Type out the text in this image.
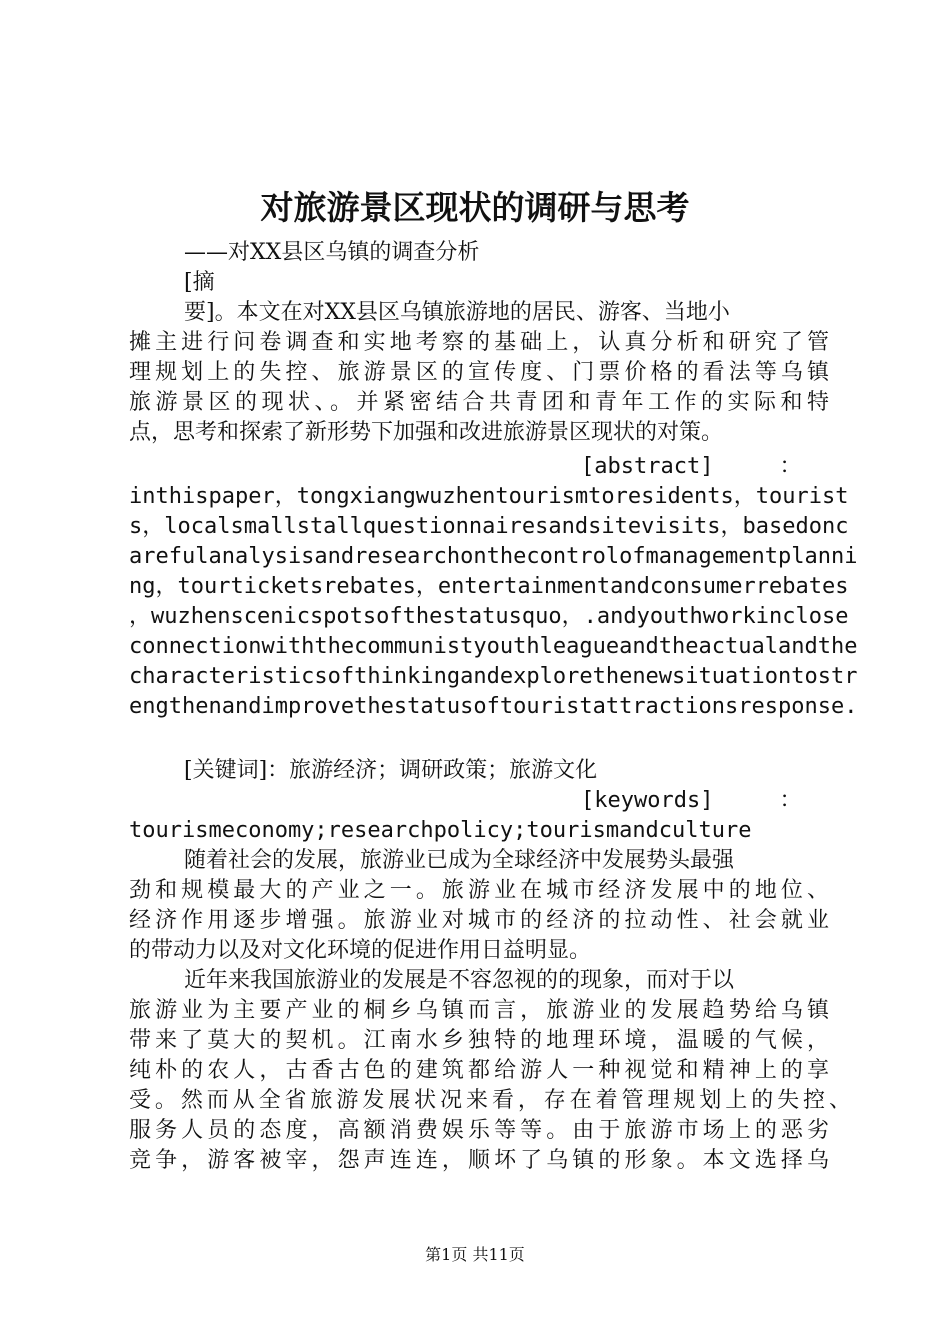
对旅游景区现状的调研与思考

——对XX县区乌镇的调查分析

[摘

要]。本文在对XX县区乌镇旅游地的居民、游客、当地小

摊主进行问卷调查和实地考察的基础上，认真分析和研究了管

理规划上的失控、旅游景区的宣传度、门票价格的看法等乌镇

旅游景区的现状、。并紧密结合共青团和青年工作的实际和特

点，思考和探索了新形势下加强和改进旅游景区现状的对策。

[abstract]　　　：

inthispaper，tongxiangwuzhentourismtoresidents，tourist

s，localsmallstallquestionnairesandsitevisits，basedonc

arefulanalysisandresearchonthecontrolofmanagementplanni

ng，tourticketsrebates，entertainmentandconsumerrebates

，wuzhenscenicspotsofthestatusquo，.andyouthworkinclose

connectionwiththecommunistyouthleagueandtheactualandthe

characteristicsofthinkingandexplorethenewsituationtostr

engthenandimprovethestatusoftouristattractionsresponse.

[关键词]：旅游经济；调研政策；旅游文化

[keywords]　　　：

tourismeconomy;researchpolicy;tourismandculture

随着社会的发展，旅游业已成为全球经济中发展势头最强

劲和规模最大的产业之一。旅游业在城市经济发展中的地位、

经济作用逐步增强。旅游业对城市的经济的拉动性、社会就业

的带动力以及对文化环境的促进作用日益明显。

近年来我国旅游业的发展是不容忽视的的现象，而对于以

旅游业为主要产业的桐乡乌镇而言，旅游业的发展趋势给乌镇

带来了莫大的契机。江南水乡独特的地理环境，温暖的气候，

纯朴的农人，古香古色的建筑都给游人一种视觉和精神上的享

受。然而从全省旅游发展状况来看，存在着管理规划上的失控、

服务人员的态度，高额消费娱乐等等。由于旅游市场上的恶劣

竞争，游客被宰，怨声连连，顺坏了乌镇的形象。本文选择乌

第1页 共11页
